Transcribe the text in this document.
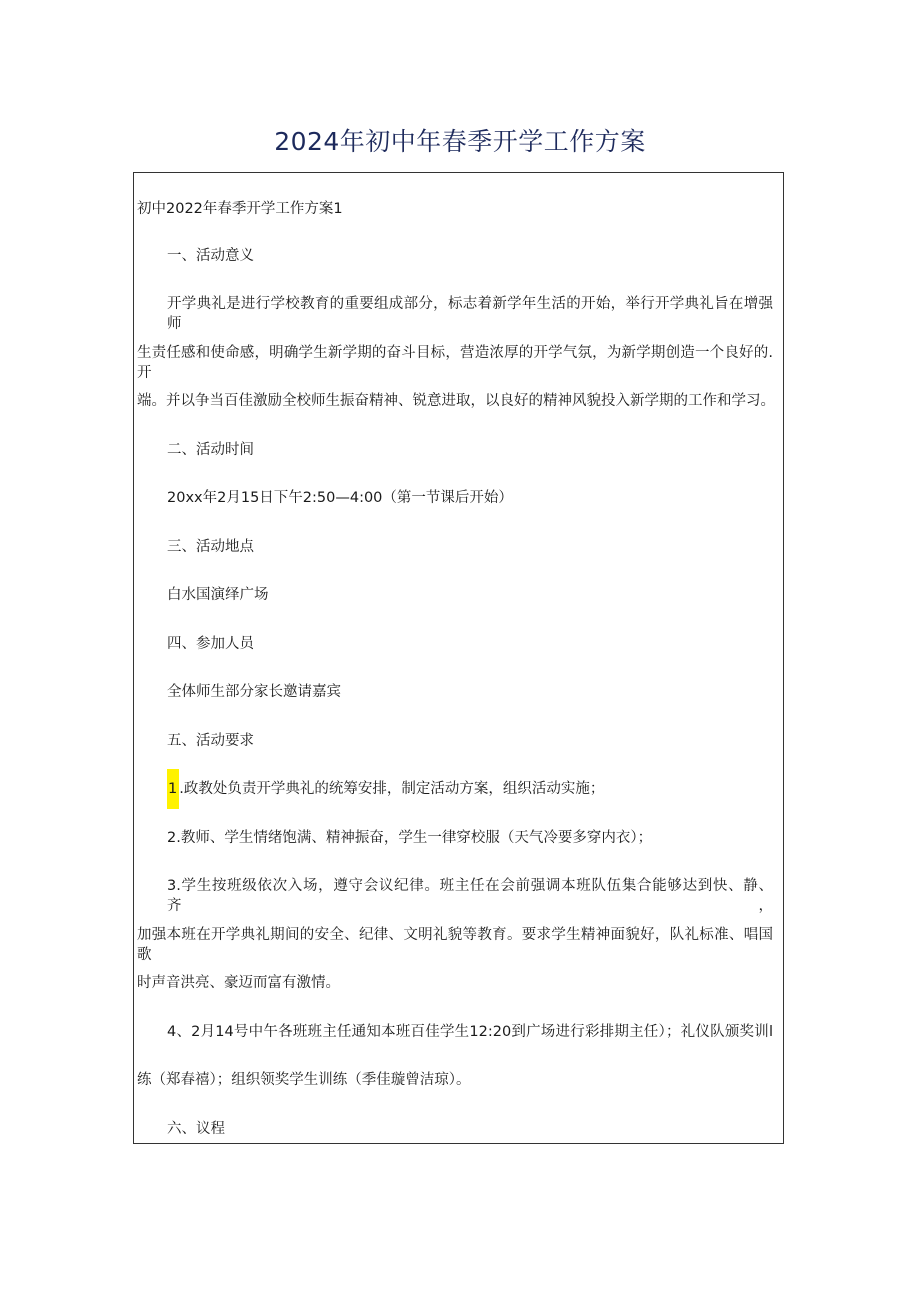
2024年初中年春季开学工作方案
初中2022年春季开学工作方案1
一、活动意义
开学典礼是进行学校教育的重要组成部分，标志着新学年生活的开始，举行开学典礼旨在增强师
生责任感和使命感，明确学生新学期的奋斗目标，营造浓厚的开学气氛，为新学期创造一个良好的.开
端。并以争当百佳激励全校师生振奋精神、锐意进取，以良好的精神风貌投入新学期的工作和学习。
二、活动时间
20xx年2月15日下午2:50—4:00（第一节课后开始）
三、活动地点
白水国演绎广场
四、参加人员
全体师生部分家长邀请嘉宾
五、活动要求
1 .政教处负责开学典礼的统筹安排，制定活动方案，组织活动实施；
2.教师、学生情绪饱满、精神振奋，学生一律穿校服（天气冷要多穿内衣）；
3.学生按班级依次入场，遵守会议纪律。班主任在会前强调本班队伍集合能够达到快、静、齐，
加强本班在开学典礼期间的安全、纪律、文明礼貌等教育。要求学生精神面貌好，队礼标准、唱国歌
时声音洪亮、豪迈而富有激情。
4、2月14号中午各班班主任通知本班百佳学生12:20到广场进行彩排期主任）；礼仪队颁奖训l
练（郑春禧）；组织领奖学生训练（季佳璇曾洁琼）。
六、议程
